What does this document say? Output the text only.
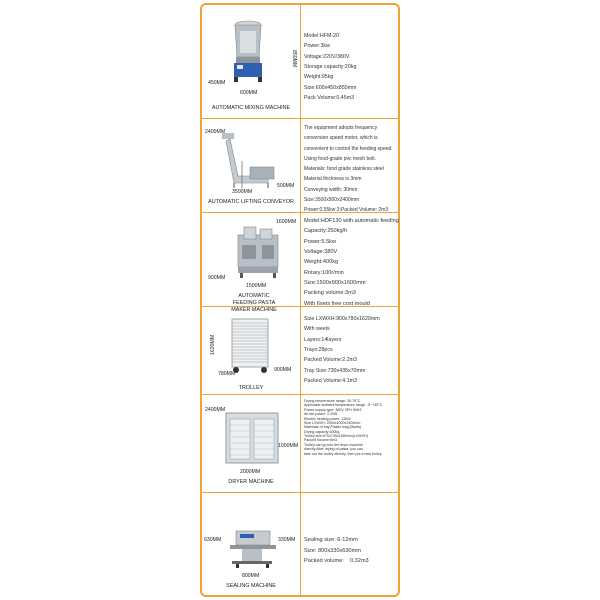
450MM
600MM
850MM
AUTOMATIC MIXING MACHINE
Model:HFM-20
Power:3kw
Voltage:220V/380V.
Storage capacity:20kg
Weight:95kg
Size:600x450x850mm
Pack Volume:0.45m3
2400MM
3500MM
500MM
AUTOMATIC LIFTING CONVEYOR
The equipment adopts frequency conversion speed motor, which is convenient to control the feeding speed.
Using food-grade pvc mesh belt.
Materials: food grade stainless steel
Material thickness is 3mm
Conveying width: 30mm
Size:3500x500x2400mm
Power:0.55kw 3;Packed Volume: 2m3
1600MM
900MM
1500MM
AUTOMATIC FEEDING PASTA MAKER MACHINE
Model:HDF130 with automatic feeding
Capacity:250kg/h
Power:5.5kw
Voltage:380V
Weight:400kg
Rotary:100r/min
Size:1500x900x1600mm
Packing volume:3m3
With 6sets free cost mould
1620MM
780MM
900MM
TROLLEY
Size LXWXH:900x780x1620mm
With weels
Layers:14layers
Trays:28pcs
Packed Volume:2.2m3
Tray Size:730x435x70mm
Packed Volume:4.1m3
2400MM
1000MM
2000MM
DRYER MACHINE
Drying temperature range: 30-75°C
Applicable ambient temperature range: -5~+45°C
Power supply type: 380V 3PH 50HZ
Air fan power: 2.2kW
Electric heating power: 12kW
Size LXWXH: 2000x1000x2400mm
Materials of tray:Plastic tray(28sets)
Drying capacity:300kg
Trolley size:870x735x1580mm(LXWXH)
Packed Volume:6m3
Trolley can go into the dryer machine
directly.After drying of pasta, you can
take out the trolley directly, then put a new trolley.
630MM	330MM
800MM
SEALING MACHINE
Sealing size: 6-12mm
Size: 800x330x630mm
Packed volume:    0.32m3
